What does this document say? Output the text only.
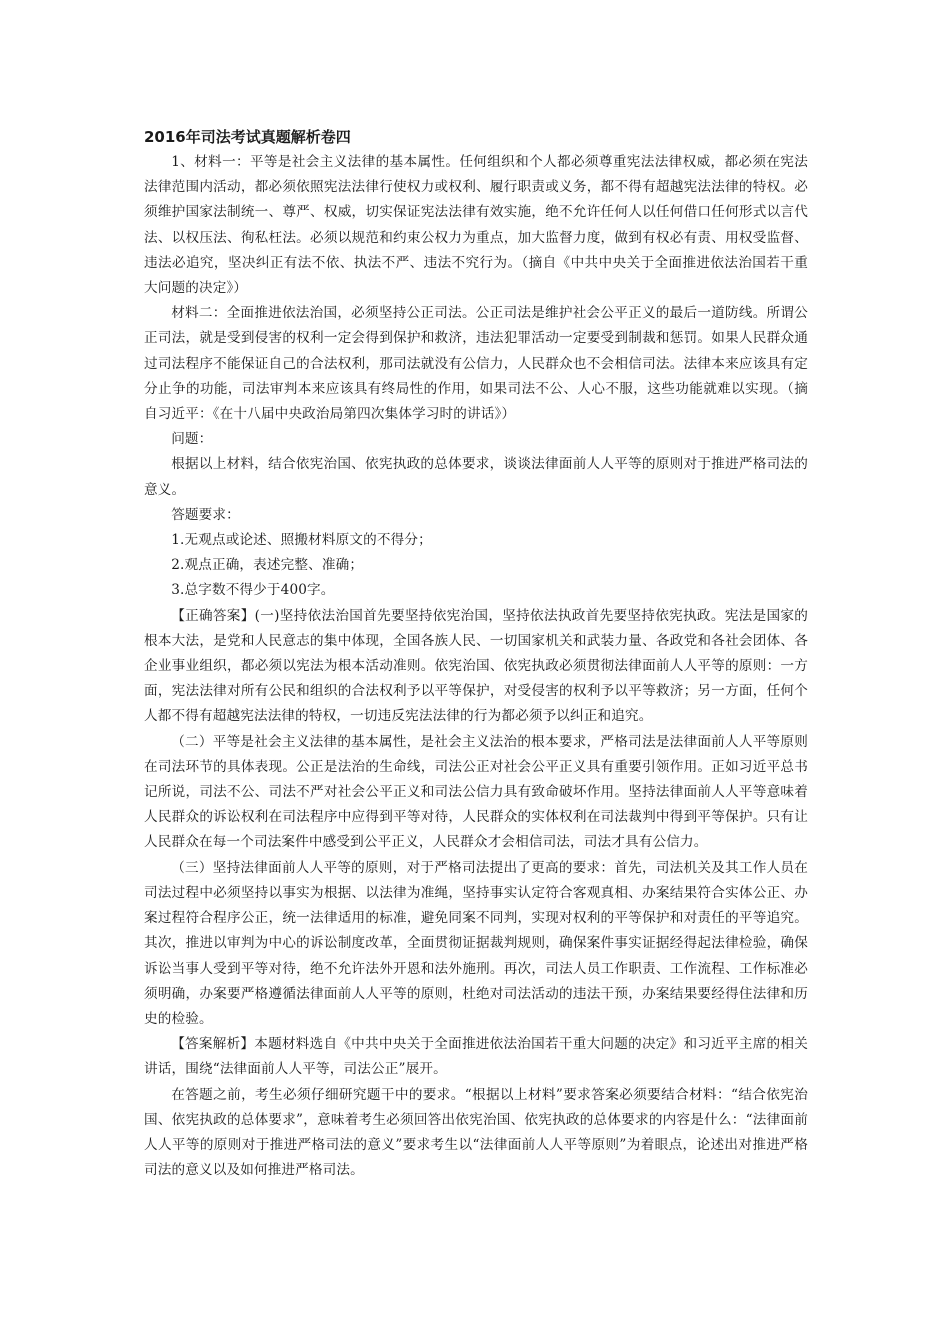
2016年司法考试真题解析卷四

1、材料一：平等是社会主义法律的基本属性。任何组织和个人都必须尊重宪法法律权威，都必须在宪法法律范围内活动，都必须依照宪法法律行使权力或权利、履行职责或义务，都不得有超越宪法法律的特权。必须维护国家法制统一、尊严、权威，切实保证宪法法律有效实施，绝不允许任何人以任何借口任何形式以言代法、以权压法、徇私枉法。必须以规范和约束公权力为重点，加大监督力度，做到有权必有责、用权受监督、违法必追究，坚决纠正有法不依、执法不严、违法不究行为。（摘自《中共中央关于全面推进依法治国若干重大问题的决定》）

材料二：全面推进依法治国，必须坚持公正司法。公正司法是维护社会公平正义的最后一道防线。所谓公正司法，就是受到侵害的权利一定会得到保护和救济，违法犯罪活动一定要受到制裁和惩罚。如果人民群众通过司法程序不能保证自己的合法权利，那司法就没有公信力，人民群众也不会相信司法。法律本来应该具有定分止争的功能，司法审判本来应该具有终局性的作用，如果司法不公、人心不服，这些功能就难以实现。（摘自习近平：《在十八届中央政治局第四次集体学习时的讲话》）

问题：

根据以上材料，结合依宪治国、依宪执政的总体要求，谈谈法律面前人人平等的原则对于推进严格司法的意义。

答题要求：

1.无观点或论述、照搬材料原文的不得分；

2.观点正确，表述完整、准确；

3.总字数不得少于400字。

【正确答案】(一)坚持依法治国首先要坚持依宪治国，坚持依法执政首先要坚持依宪执政。宪法是国家的根本大法，是党和人民意志的集中体现，全国各族人民、一切国家机关和武装力量、各政党和各社会团体、各企业事业组织，都必须以宪法为根本活动准则。依宪治国、依宪执政必须贯彻法律面前人人平等的原则：一方面，宪法法律对所有公民和组织的合法权利予以平等保护，对受侵害的权利予以平等救济；另一方面，任何个人都不得有超越宪法法律的特权，一切违反宪法法律的行为都必须予以纠正和追究。

（二）平等是社会主义法律的基本属性，是社会主义法治的根本要求，严格司法是法律面前人人平等原则在司法环节的具体表现。公正是法治的生命线，司法公正对社会公平正义具有重要引领作用。正如习近平总书记所说，司法不公、司法不严对社会公平正义和司法公信力具有致命破坏作用。坚持法律面前人人平等意味着人民群众的诉讼权利在司法程序中应得到平等对待，人民群众的实体权利在司法裁判中得到平等保护。只有让人民群众在每一个司法案件中感受到公平正义，人民群众才会相信司法，司法才具有公信力。

（三）坚持法律面前人人平等的原则，对于严格司法提出了更高的要求：首先，司法机关及其工作人员在司法过程中必须坚持以事实为根据、以法律为准绳，坚持事实认定符合客观真相、办案结果符合实体公正、办案过程符合程序公正，统一法律适用的标准，避免同案不同判，实现对权利的平等保护和对责任的平等追究。其次，推进以审判为中心的诉讼制度改革，全面贯彻证据裁判规则，确保案件事实证据经得起法律检验，确保诉讼当事人受到平等对待，绝不允许法外开恩和法外施刑。再次，司法人员工作职责、工作流程、工作标准必须明确，办案要严格遵循法律面前人人平等的原则，杜绝对司法活动的违法干预，办案结果要经得住法律和历史的检验。

【答案解析】本题材料选自《中共中央关于全面推进依法治国若干重大问题的决定》和习近平主席的相关讲话，围绕“法律面前人人平等，司法公正”展开。

在答题之前，考生必须仔细研究题干中的要求。“根据以上材料”要求答案必须要结合材料：“结合依宪治国、依宪执政的总体要求”，意味着考生必须回答出依宪治国、依宪执政的总体要求的内容是什么：“法律面前人人平等的原则对于推进严格司法的意义”要求考生以“法律面前人人平等原则”为着眼点，论述出对推进严格司法的意义以及如何推进严格司法。
